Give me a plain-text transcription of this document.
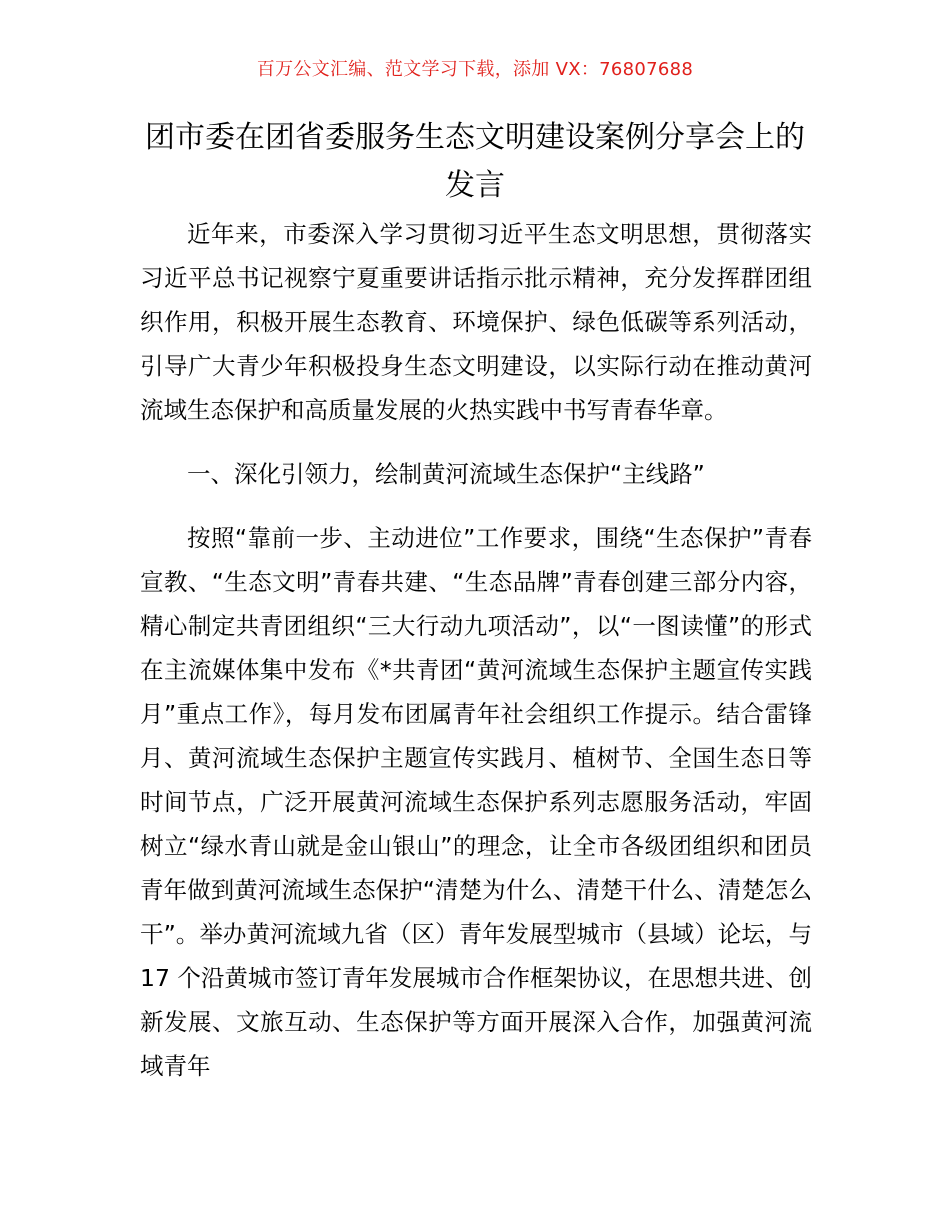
百万公文汇编、范文学习下载，添加 VX：76807688
团市委在团省委服务生态文明建设案例分享会上的发言

近年来，市委深入学习贯彻习近平生态文明思想，贯彻落实习近平总书记视察宁夏重要讲话指示批示精神，充分发挥群团组织作用，积极开展生态教育、环境保护、绿色低碳等系列活动，引导广大青少年积极投身生态文明建设，以实际行动在推动黄河流域生态保护和高质量发展的火热实践中书写青春华章。

一、深化引领力，绘制黄河流域生态保护“主线路”

按照“靠前一步、主动进位”工作要求，围绕“生态保护”青春宣教、“生态文明”青春共建、“生态品牌”青春创建三部分内容，精心制定共青团组织“三大行动九项活动”，以“一图读懂”的形式在主流媒体集中发布《*共青团“黄河流域生态保护主题宣传实践月”重点工作》，每月发布团属青年社会组织工作提示。结合雷锋月、黄河流域生态保护主题宣传实践月、植树节、全国生态日等时间节点，广泛开展黄河流域生态保护系列志愿服务活动，牢固树立“绿水青山就是金山银山”的理念，让全市各级团组织和团员青年做到黄河流域生态保护“清楚为什么、清楚干什么、清楚怎么干”。举办黄河流域九省（区）青年发展型城市（县域）论坛，与 17 个沿黄城市签订青年发展城市合作框架协议，在思想共进、创新发展、文旅互动、生态保护等方面开展深入合作，加强黄河流域青年
